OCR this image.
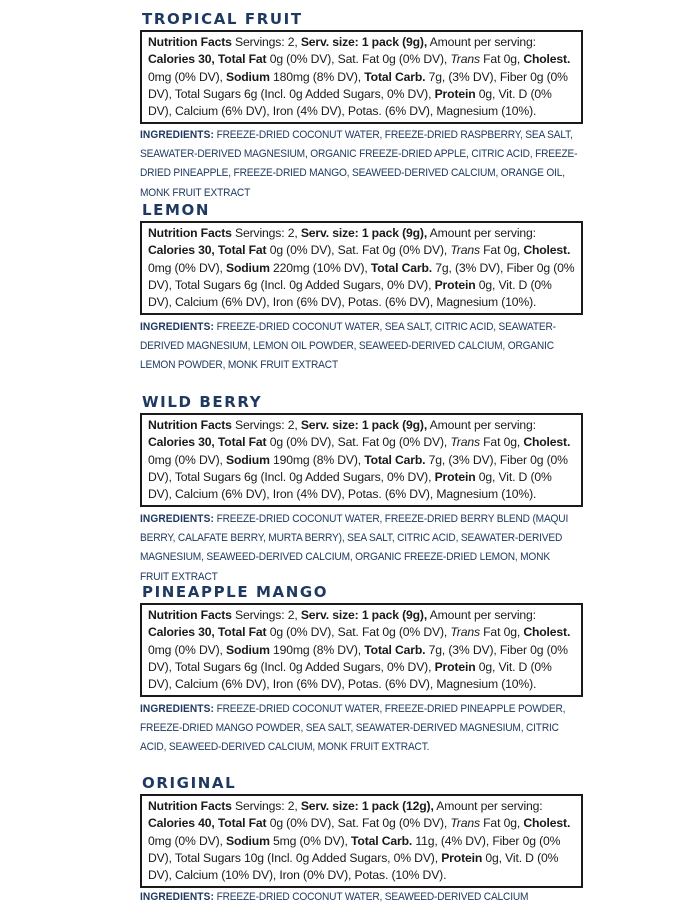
TROPICAL FRUIT
Nutrition Facts Servings: 2, Serv. size: 1 pack (9g), Amount per serving: Calories 30, Total Fat 0g (0% DV), Sat. Fat 0g (0% DV), Trans Fat 0g, Cholest. 0mg (0% DV), Sodium 180mg (8% DV), Total Carb. 7g, (3% DV), Fiber 0g (0% DV), Total Sugars 6g (Incl. 0g Added Sugars, 0% DV), Protein 0g, Vit. D (0% DV), Calcium (6% DV), Iron (4% DV), Potas. (6% DV), Magnesium (10%).
INGREDIENTS: FREEZE-DRIED COCONUT WATER, FREEZE-DRIED RASPBERRY, SEA SALT, SEAWATER-DERIVED MAGNESIUM, ORGANIC FREEZE-DRIED APPLE, CITRIC ACID, FREEZE-DRIED PINEAPPLE, FREEZE-DRIED MANGO, SEAWEED-DERIVED CALCIUM, ORANGE OIL, MONK FRUIT EXTRACT
LEMON
Nutrition Facts Servings: 2, Serv. size: 1 pack (9g), Amount per serving: Calories 30, Total Fat 0g (0% DV), Sat. Fat 0g (0% DV), Trans Fat 0g, Cholest. 0mg (0% DV), Sodium 220mg (10% DV), Total Carb. 7g, (3% DV), Fiber 0g (0% DV), Total Sugars 6g (Incl. 0g Added Sugars, 0% DV), Protein 0g, Vit. D (0% DV), Calcium (6% DV), Iron (6% DV), Potas. (6% DV), Magnesium (10%).
INGREDIENTS: FREEZE-DRIED COCONUT WATER, SEA SALT, CITRIC ACID, SEAWATER-DERIVED MAGNESIUM, LEMON OIL POWDER, SEAWEED-DERIVED CALCIUM, ORGANIC LEMON POWDER, MONK FRUIT EXTRACT
WILD BERRY
Nutrition Facts Servings: 2, Serv. size: 1 pack (9g), Amount per serving: Calories 30, Total Fat 0g (0% DV), Sat. Fat 0g (0% DV), Trans Fat 0g, Cholest. 0mg (0% DV), Sodium 190mg (8% DV), Total Carb. 7g, (3% DV), Fiber 0g (0% DV), Total Sugars 6g (Incl. 0g Added Sugars, 0% DV), Protein 0g, Vit. D (0% DV), Calcium (6% DV), Iron (4% DV), Potas. (6% DV), Magnesium (10%).
INGREDIENTS: FREEZE-DRIED COCONUT WATER, FREEZE-DRIED BERRY BLEND (MAQUI BERRY, CALAFATE BERRY, MURTA BERRY), SEA SALT, CITRIC ACID, SEAWATER-DERIVED MAGNESIUM, SEAWEED-DERIVED CALCIUM, ORGANIC FREEZE-DRIED LEMON, MONK FRUIT EXTRACT
PINEAPPLE MANGO
Nutrition Facts Servings: 2, Serv. size: 1 pack (9g), Amount per serving: Calories 30, Total Fat 0g (0% DV), Sat. Fat 0g (0% DV), Trans Fat 0g, Cholest. 0mg (0% DV), Sodium 190mg (8% DV), Total Carb. 7g, (3% DV), Fiber 0g (0% DV), Total Sugars 6g (Incl. 0g Added Sugars, 0% DV), Protein 0g, Vit. D (0% DV), Calcium (6% DV), Iron (6% DV), Potas. (6% DV), Magnesium (10%).
INGREDIENTS: FREEZE-DRIED COCONUT WATER, FREEZE-DRIED PINEAPPLE POWDER, FREEZE-DRIED MANGO POWDER, SEA SALT, SEAWATER-DERIVED MAGNESIUM, CITRIC ACID, SEAWEED-DERIVED CALCIUM, MONK FRUIT EXTRACT.
ORIGINAL
Nutrition Facts Servings: 2, Serv. size: 1 pack (12g), Amount per serving: Calories 40, Total Fat 0g (0% DV), Sat. Fat 0g (0% DV), Trans Fat 0g, Cholest. 0mg (0% DV), Sodium 5mg (0% DV), Total Carb. 11g, (4% DV), Fiber 0g (0% DV), Total Sugars 10g (Incl. 0g Added Sugars, 0% DV), Protein 0g, Vit. D (0% DV), Calcium (10% DV), Iron (0% DV), Potas. (10% DV).
INGREDIENTS: FREEZE-DRIED COCONUT WATER, SEAWEED-DERIVED CALCIUM
